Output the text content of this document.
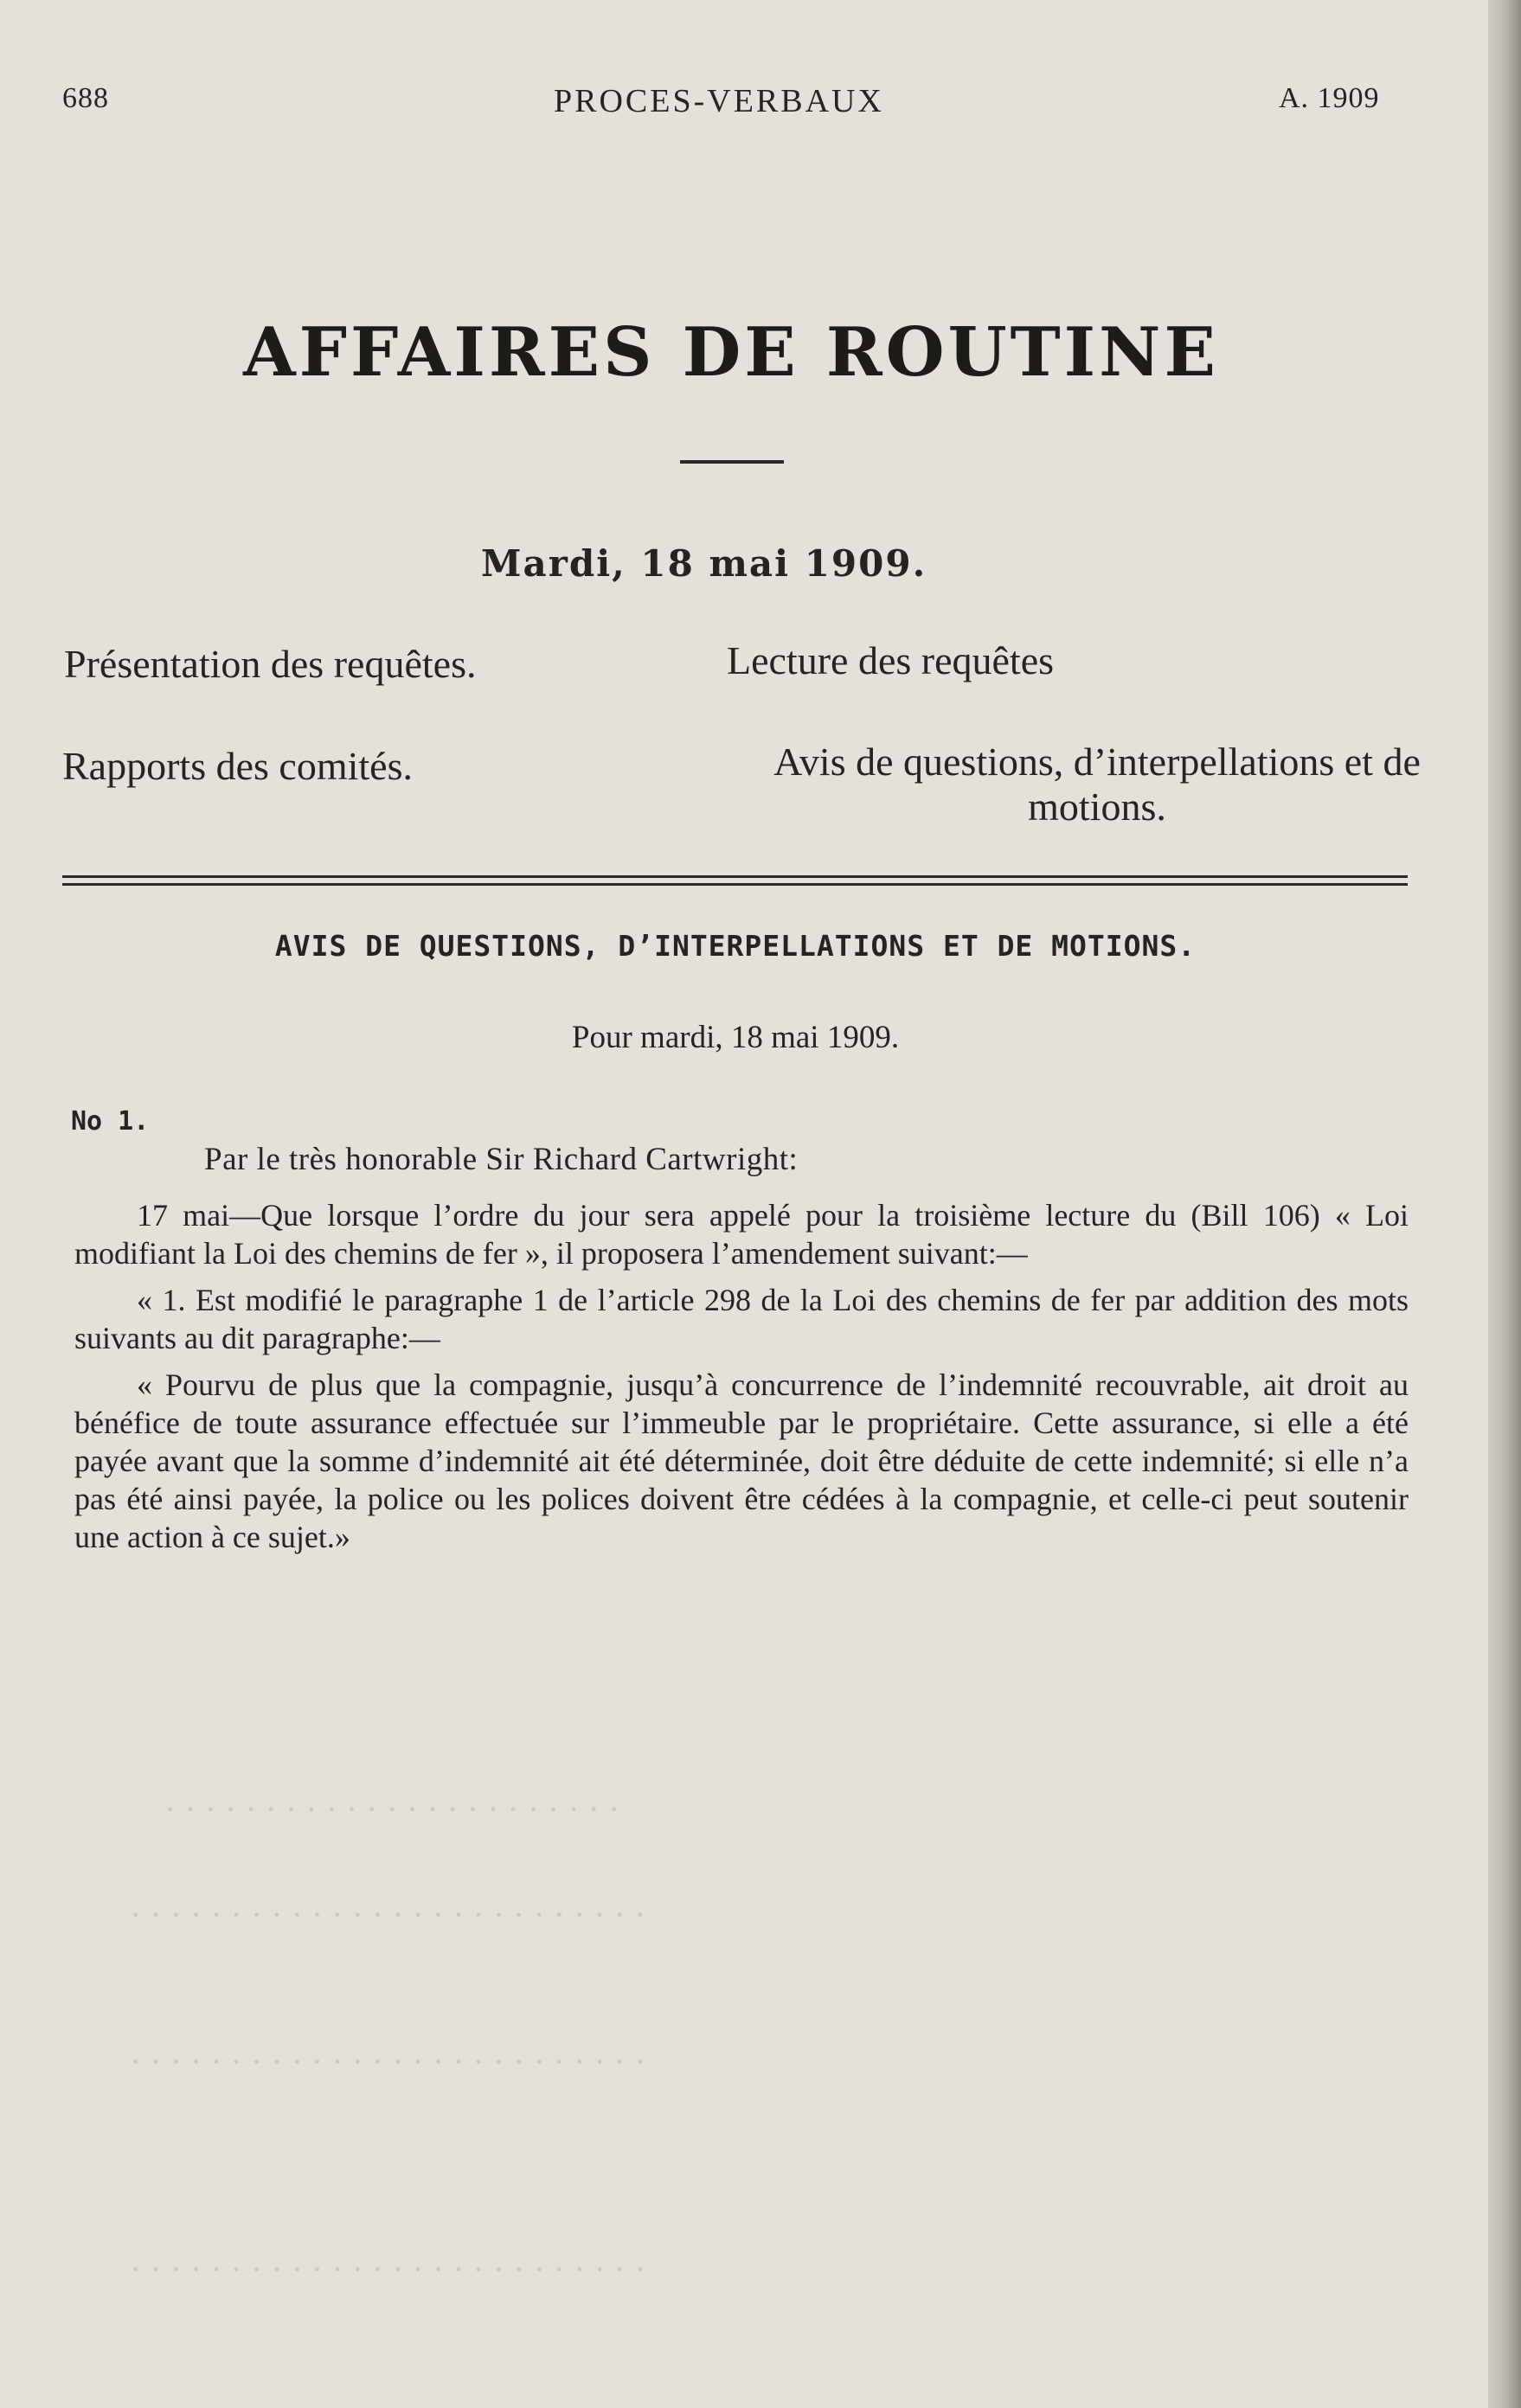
· · · · · · · · · · · · · · · · · · · · · · ·
· · · · · · · · · · · · · · · · · · · · · · · · · ·
· · · · · · · · · · · · · · · · · · · · · · · · · ·
· · · · · · · · · · · · · · · · · · · · · · · · · ·
688	PROCES-VERBAUX	A. 1909
AFFAIRES DE ROUTINE
Mardi, 18 mai 1909.
Présentation des requêtes.	Lecture des requêtes
Rapports des comités.	Avis de questions, d’interpellations et de motions.
AVIS DE QUESTIONS, D’INTERPELLATIONS ET DE MOTIONS.
Pour mardi, 18 mai 1909.
No 1.
Par le très honorable Sir Richard Cartwright:

17 mai—Que lorsque l’ordre du jour sera appelé pour la troisième lecture du (Bill 106) « Loi modifiant la Loi des chemins de fer », il proposera l’amendement suivant:—

« 1. Est modifié le paragraphe 1 de l’article 298 de la Loi des chemins de fer par addition des mots suivants au dit paragraphe:—

« Pourvu de plus que la compagnie, jusqu’à concurrence de l’indemnité recouvrable, ait droit au bénéfice de toute assurance effectuée sur l’immeuble par le propriétaire. Cette assurance, si elle a été payée avant que la somme d’indemnité ait été déterminée, doit être déduite de cette indemnité; si elle n’a pas été ainsi payée, la police ou les polices doivent être cédées à la compagnie, et celle-ci peut soutenir une action à ce sujet.»
